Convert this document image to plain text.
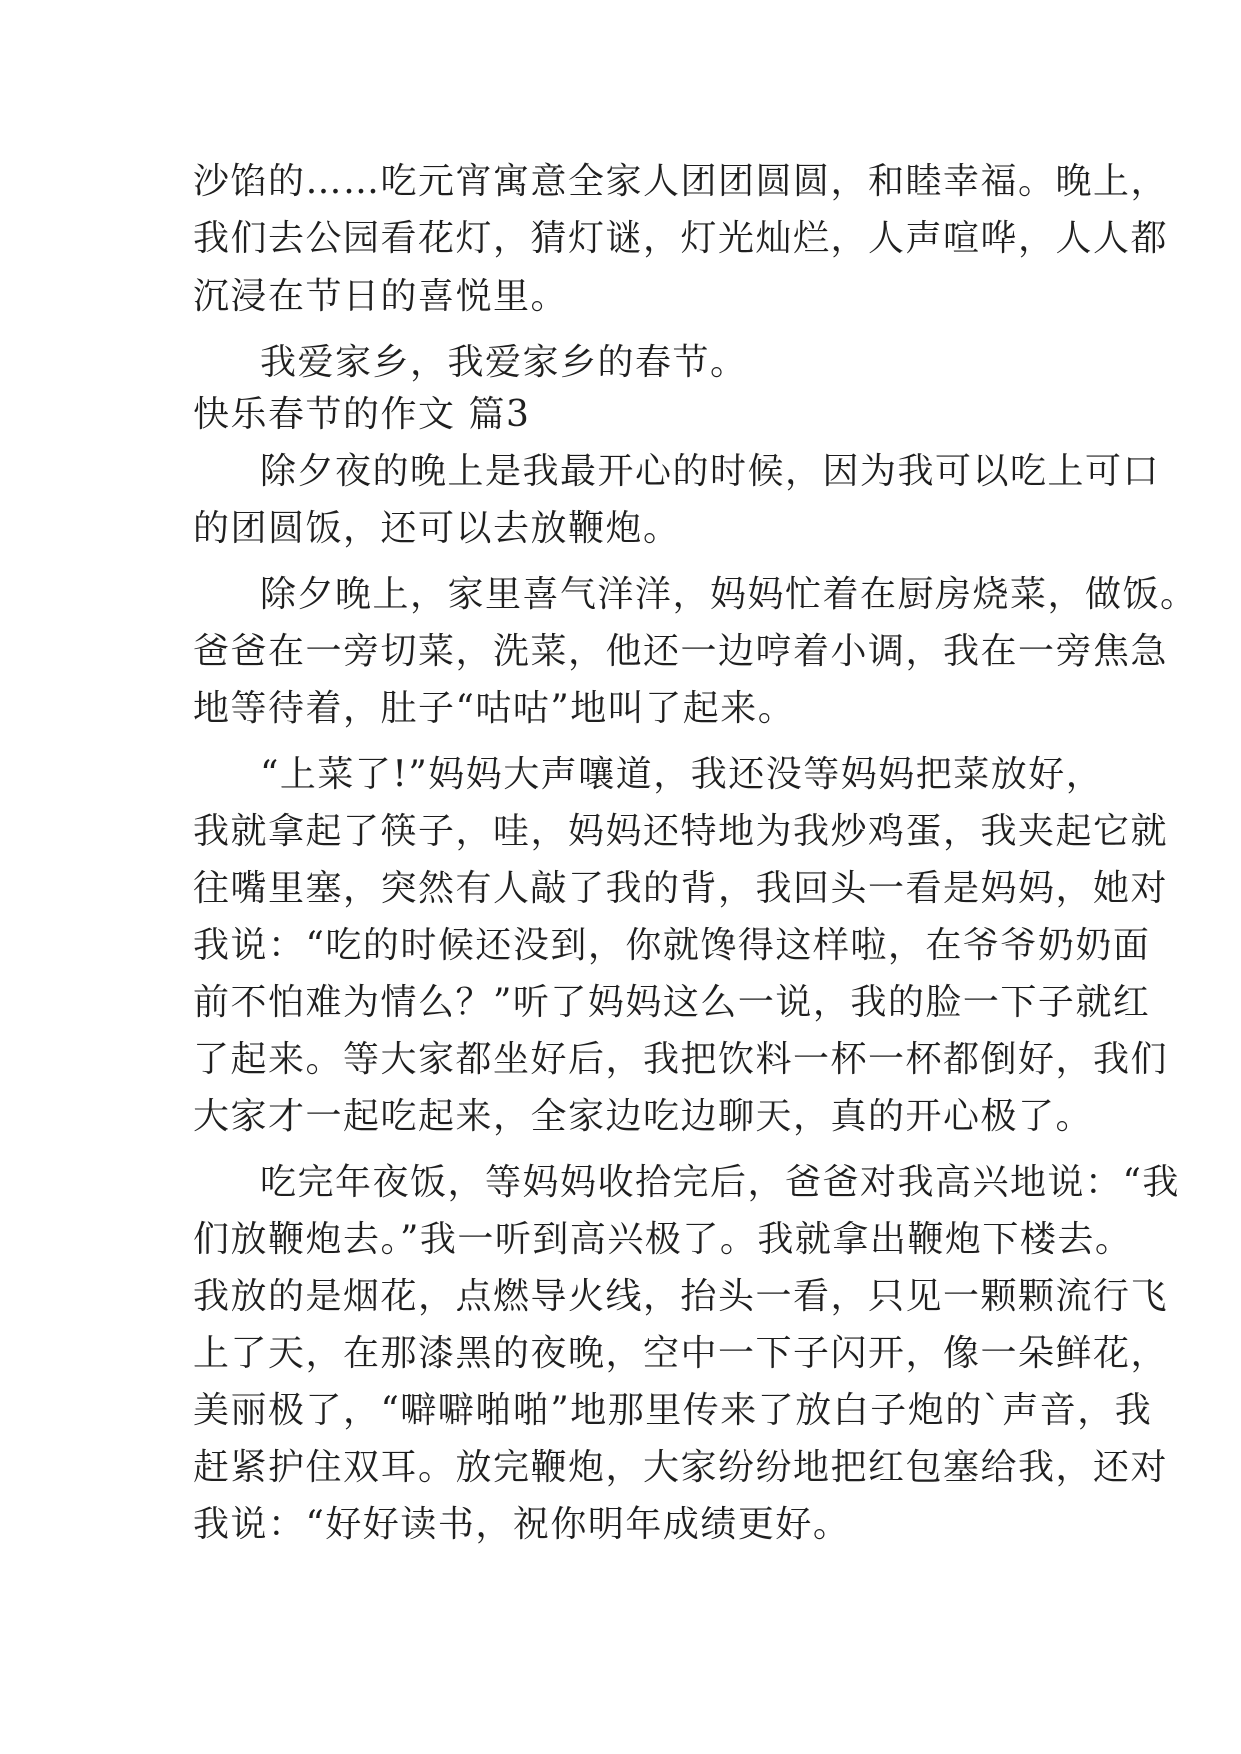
沙馅的……吃元宵寓意全家人团团圆圆，和睦幸福。晚上，
我们去公园看花灯，猜灯谜，灯光灿烂，人声喧哗，人人都
沉浸在节日的喜悦里。
我爱家乡，我爱家乡的春节。
快乐春节的作文 篇3
除夕夜的晚上是我最开心的时候，因为我可以吃上可口
的团圆饭，还可以去放鞭炮。
除夕晚上，家里喜气洋洋，妈妈忙着在厨房烧菜，做饭。
爸爸在一旁切菜，洗菜，他还一边哼着小调，我在一旁焦急
地等待着，肚子“咕咕”地叫了起来。
“上菜了!”妈妈大声嚷道，我还没等妈妈把菜放好，
我就拿起了筷子，哇，妈妈还特地为我炒鸡蛋，我夹起它就
往嘴里塞，突然有人敲了我的背，我回头一看是妈妈，她对
我说：“吃的时候还没到，你就馋得这样啦，在爷爷奶奶面
前不怕难为情么？”听了妈妈这么一说，我的脸一下子就红
了起来。等大家都坐好后，我把饮料一杯一杯都倒好，我们
大家才一起吃起来，全家边吃边聊天，真的开心极了。
吃完年夜饭，等妈妈收拾完后，爸爸对我高兴地说：“我
们放鞭炮去。”我一听到高兴极了。我就拿出鞭炮下楼去。
我放的是烟花，点燃导火线，抬头一看，只见一颗颗流行飞
上了天，在那漆黑的夜晚，空中一下子闪开，像一朵鲜花，
美丽极了，“噼噼啪啪”地那里传来了放白子炮的`声音，我
赶紧护住双耳。放完鞭炮，大家纷纷地把红包塞给我，还对
我说：“好好读书，祝你明年成绩更好。
